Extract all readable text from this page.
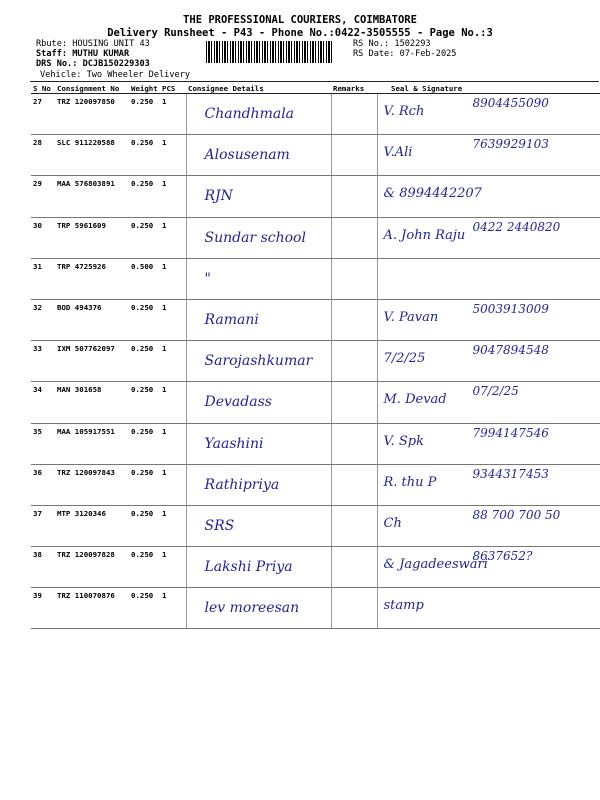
THE PROFESSIONAL COURIERS, COIMBATORE
Delivery Runsheet - P43 - Phone No.:0422-3505555 - Page No.:3
Rbute: HOUSING UNIT 43
Staff: MUTHU KUMAR
DRS No.: DCJB150229303
Vehicle: Two Wheeler Delivery
RS No.: 1502293
RS Date: 07-Feb-2025
S No	Consignment No	Weight	PCS	Consignee Details	Remarks	Seal & Signature
27	TRZ 120097850	0.250	1	Chandhmala		V. Rch
8904455090

28	SLC 911220588	0.250	1	Alosusenam		V.Ali
7639929103

29	MAA 576803891	0.250	1	RJN		& 8994442207

30	TRP 5961609	0.250	1	Sundar school		A. John Raju
0422 2440820

31	TRP 4725926	0.500	1	"		

32	BOD 494376	0.250	1	Ramani		V. Pavan
5003913009

33	IXM 507762097	0.250	1	Sarojashkumar		7/2/25
9047894548

34	MAN 301658	0.250	1	Devadass		M. Devad
07/2/25

35	MAA 105917551	0.250	1	Yaashini		V. Spk
7994147546

36	TRZ 120097843	0.250	1	Rathipriya		R. thu P
9344317453

37	MTP 3120346	0.250	1	SRS		Ch
88 700 700 50

38	TRZ 120097828	0.250	1	Lakshi Priya		& Jagadeeswari
8637652?

39	TRZ 110070876	0.250	1	lev moreesan		stamp
